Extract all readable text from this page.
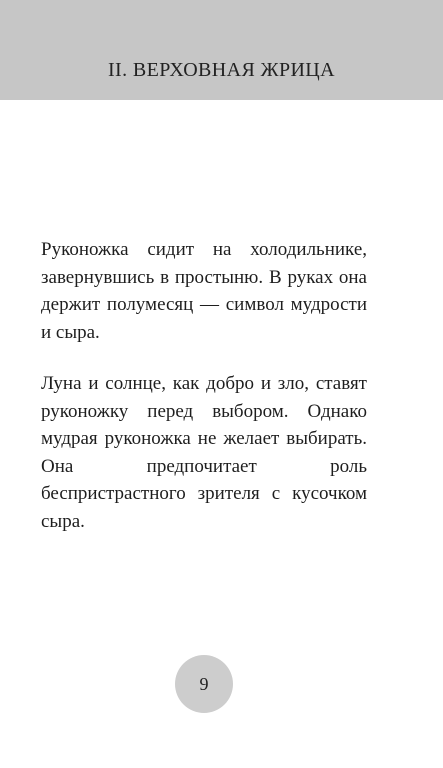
II. ВЕРХОВНАЯ ЖРИЦА

Руконожка сидит на холодильнике, завернувшись в простыню. В руках она держит полумесяц — символ мудрости и сыра.

Луна и солнце, как добро и зло, ставят руконожку перед выбором. Однако мудрая руконожка не желает выбирать. Она предпочитает роль беспристрастного зрителя с кусочком сыра.

9
